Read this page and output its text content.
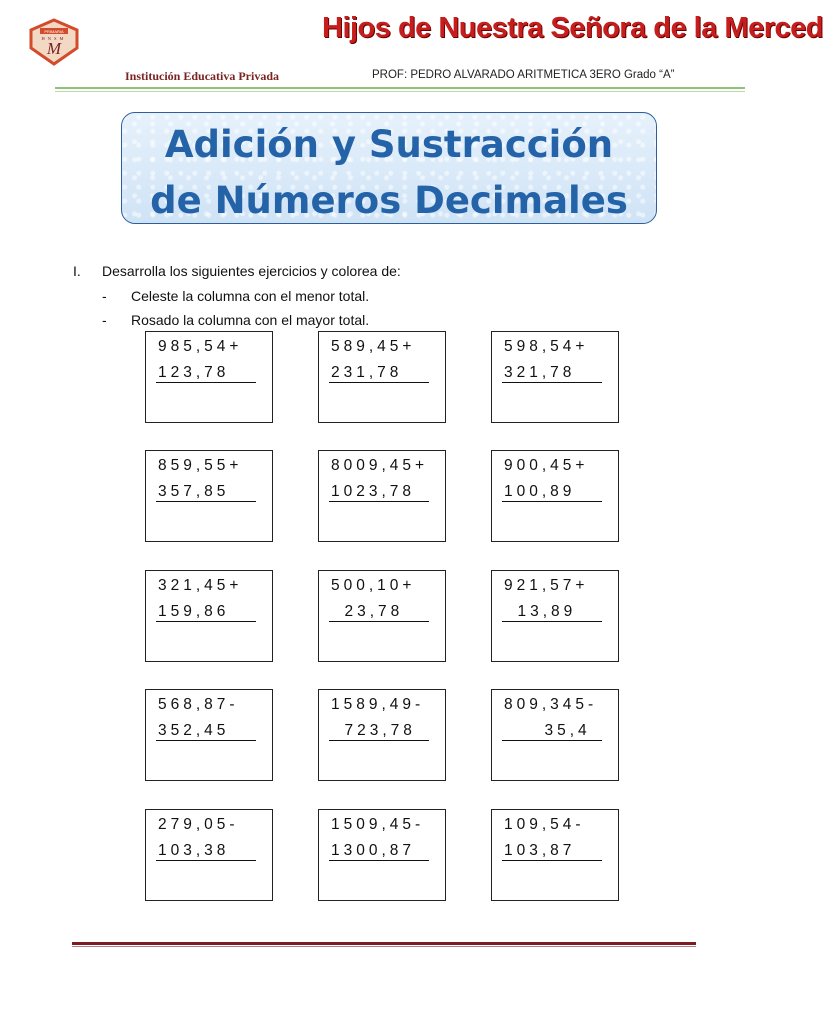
PRIMARIA
M
HNSM	Hijos de Nuestra Señora de la Merced
Institución Educativa Privada	PROF: PEDRO ALVARADO ARITMETICA 3ERO Grado “A”
Adición y Sustracción
de Números Decimales
I. Desarrolla los siguientes ejercicios y colorea de:
- Celeste la columna con el menor total.
- Rosado la columna con el mayor total.
985,54+
123,78
589,45+
231,78
598,54+
321,78
859,55+
357,85
8009,45+
1023,78
900,45+
100,89
321,45+
159,86
500,10+
23,78
921,57+
13,89
568,87-
352,45
1589,49-
723,78
809,345-
35,4
279,05-
103,38
1509,45-
1300,87
109,54-
103,87
